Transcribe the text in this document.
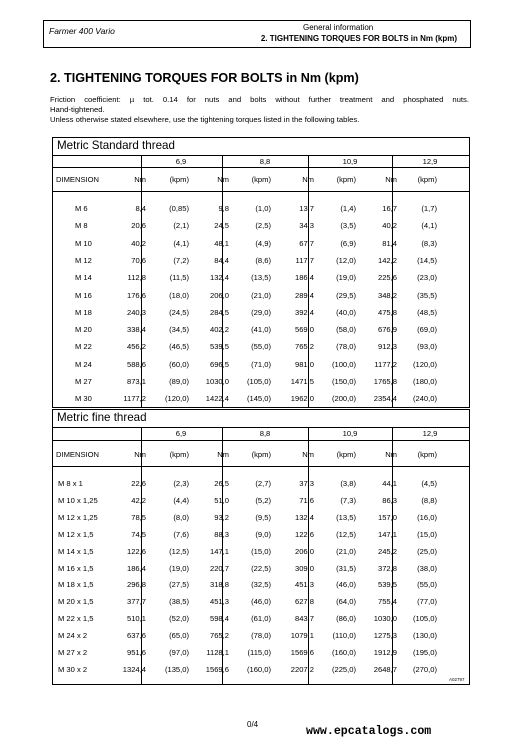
Farmer 400 Vario	General information
2. TIGHTENING TORQUES FOR BOLTS in Nm (kpm)
2. TIGHTENING TORQUES FOR BOLTS in Nm (kpm)
Friction coefficient: µ tot. 0.14 for nuts and bolts without further treatment and phosphated nuts.
Hand-tightened.
Unless otherwise stated elsewhere, use the tightening torques listed in the following tables.
Metric Standard thread
6,9	8,8	10,9	12,9
DIMENSION	Nm	(kpm)	Nm	(kpm)	Nm	(kpm)	Nm	(kpm)
M 6	8,4	(0,85)	9,8	(1,0)	13,7	(1,4)	16,7	(1,7)
M 8	20,6	(2,1)	24,5	(2,5)	34,3	(3,5)	40,2	(4,1)
M 10	40,2	(4,1)	48,1	(4,9)	67,7	(6,9)	81,4	(8,3)
M 12	70,6	(7,2)	84,4	(8,6)	117,7	(12,0)	142,2	(14,5)
M 14	112,8	(11,5)	132,4	(13,5)	186,4	(19,0)	225,6	(23,0)
M 16	176,6	(18,0)	206,0	(21,0)	289,4	(29,5)	348,2	(35,5)
M 18	240,3	(24,5)	284,5	(29,0)	392,4	(40,0)	475,8	(48,5)
M 20	338,4	(34,5)	402,2	(41,0)	569,0	(58,0)	676,9	(69,0)
M 22	456,2	(46,5)	539,5	(55,0)	765,2	(78,0)	912,3	(93,0)
M 24	588,6	(60,0)	696,5	(71,0)	981,0	(100,0)	1177,2	(120,0)
M 27	873,1	(89,0)	1030,0	(105,0)	1471,5	(150,0)	1765,8	(180,0)
M 30	1177,2	(120,0)	1422,4	(145,0)	1962,0	(200,0)	2354,4	(240,0)
Metric fine thread
6,9	8,8	10,9	12,9
DIMENSION	Nm	(kpm)	Nm	(kpm)	Nm	(kpm)	Nm	(kpm)
M 8 x 1	22,6	(2,3)	26,5	(2,7)	37,3	(3,8)	44,1	(4,5)
M 10 x 1,25	42,2	(4,4)	51,0	(5,2)	71,6	(7,3)	86,3	(8,8)
M 12 x 1,25	78,5	(8,0)	93,2	(9,5)	132,4	(13,5)	157,0	(16,0)
M 12 x 1,5	74,5	(7,6)	88,3	(9,0)	122,6	(12,5)	147,1	(15,0)
M 14 x 1,5	122,6	(12,5)	147,1	(15,0)	206,0	(21,0)	245,2	(25,0)
M 16 x 1,5	186,4	(19,0)	220,7	(22,5)	309,0	(31,5)	372,8	(38,0)
M 18 x 1,5	296,8	(27,5)	318,8	(32,5)	451,3	(46,0)	539,5	(55,0)
M 20 x 1,5	377,7	(38,5)	451,3	(46,0)	627,8	(64,0)	755,4	(77,0)
M 22 x 1,5	510,1	(52,0)	598,4	(61,0)	843,7	(86,0)	1030,0	(105,0)
M 24 x 2	637,6	(65,0)	765,2	(78,0)	1079,1	(110,0)	1275,3	(130,0)
M 27 x 2	951,6	(97,0)	1128,1	(115,0)	1569,6	(160,0)	1912,9	(195,0)
M 30 x 2	1324,4	(135,0)	1569,6	(160,0)	2207,2	(225,0)	2648,7	(270,0)
A02797
0/4
www.epcatalogs.com
